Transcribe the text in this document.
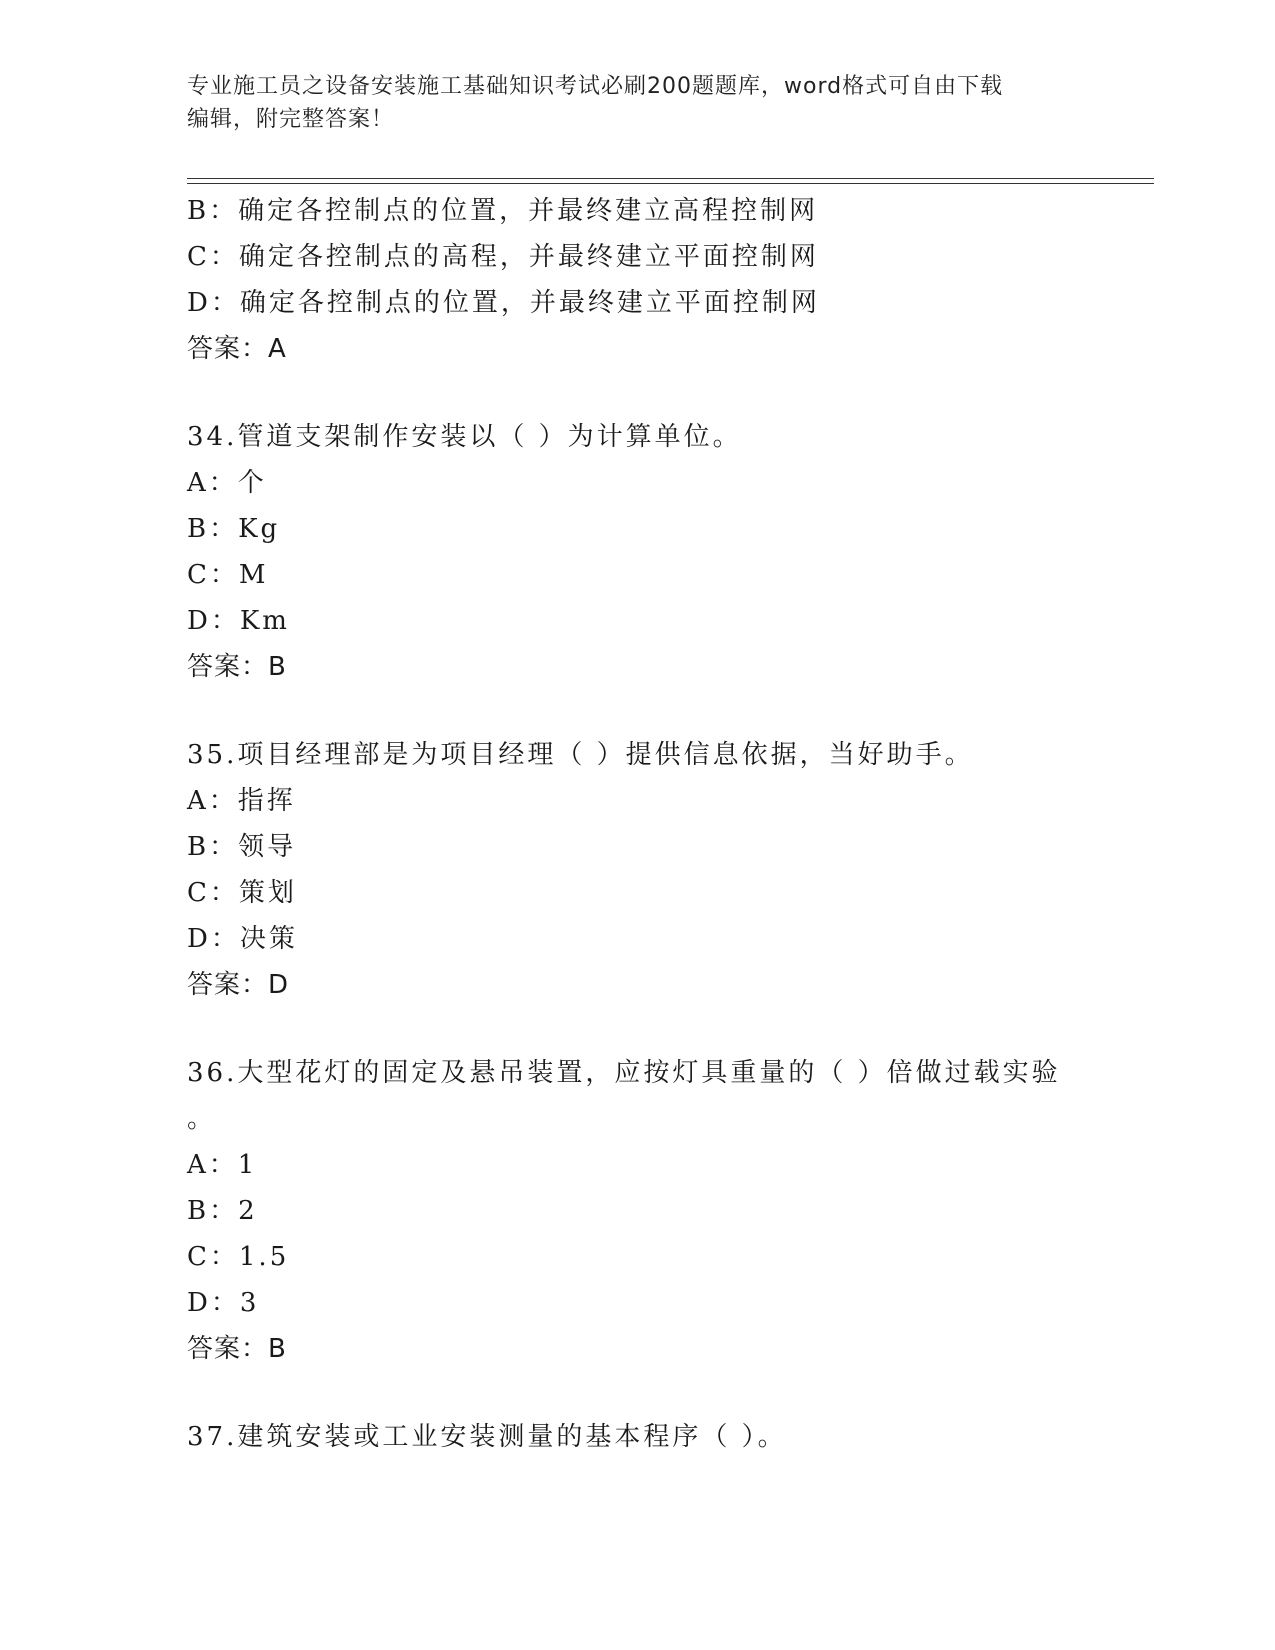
专业施工员之设备安装施工基础知识考试必刷200题题库，word格式可自由下载
编辑，附完整答案！
B：确定各控制点的位置，并最终建立高程控制网
C：确定各控制点的高程，并最终建立平面控制网
D：确定各控制点的位置，并最终建立平面控制网
答案：A
34.管道支架制作安装以（ ）为计算单位。
A：个
B：Kg
C：M
D：Km
答案：B
35.项目经理部是为项目经理（ ）提供信息依据，当好助手。
A：指挥
B：领导
C：策划
D：决策
答案：D
36.大型花灯的固定及悬吊装置，应按灯具重量的（ ）倍做过载实验
。
A：1
B：2
C：1.5
D：3
答案：B
37.建筑安装或工业安装测量的基本程序（ ）。
